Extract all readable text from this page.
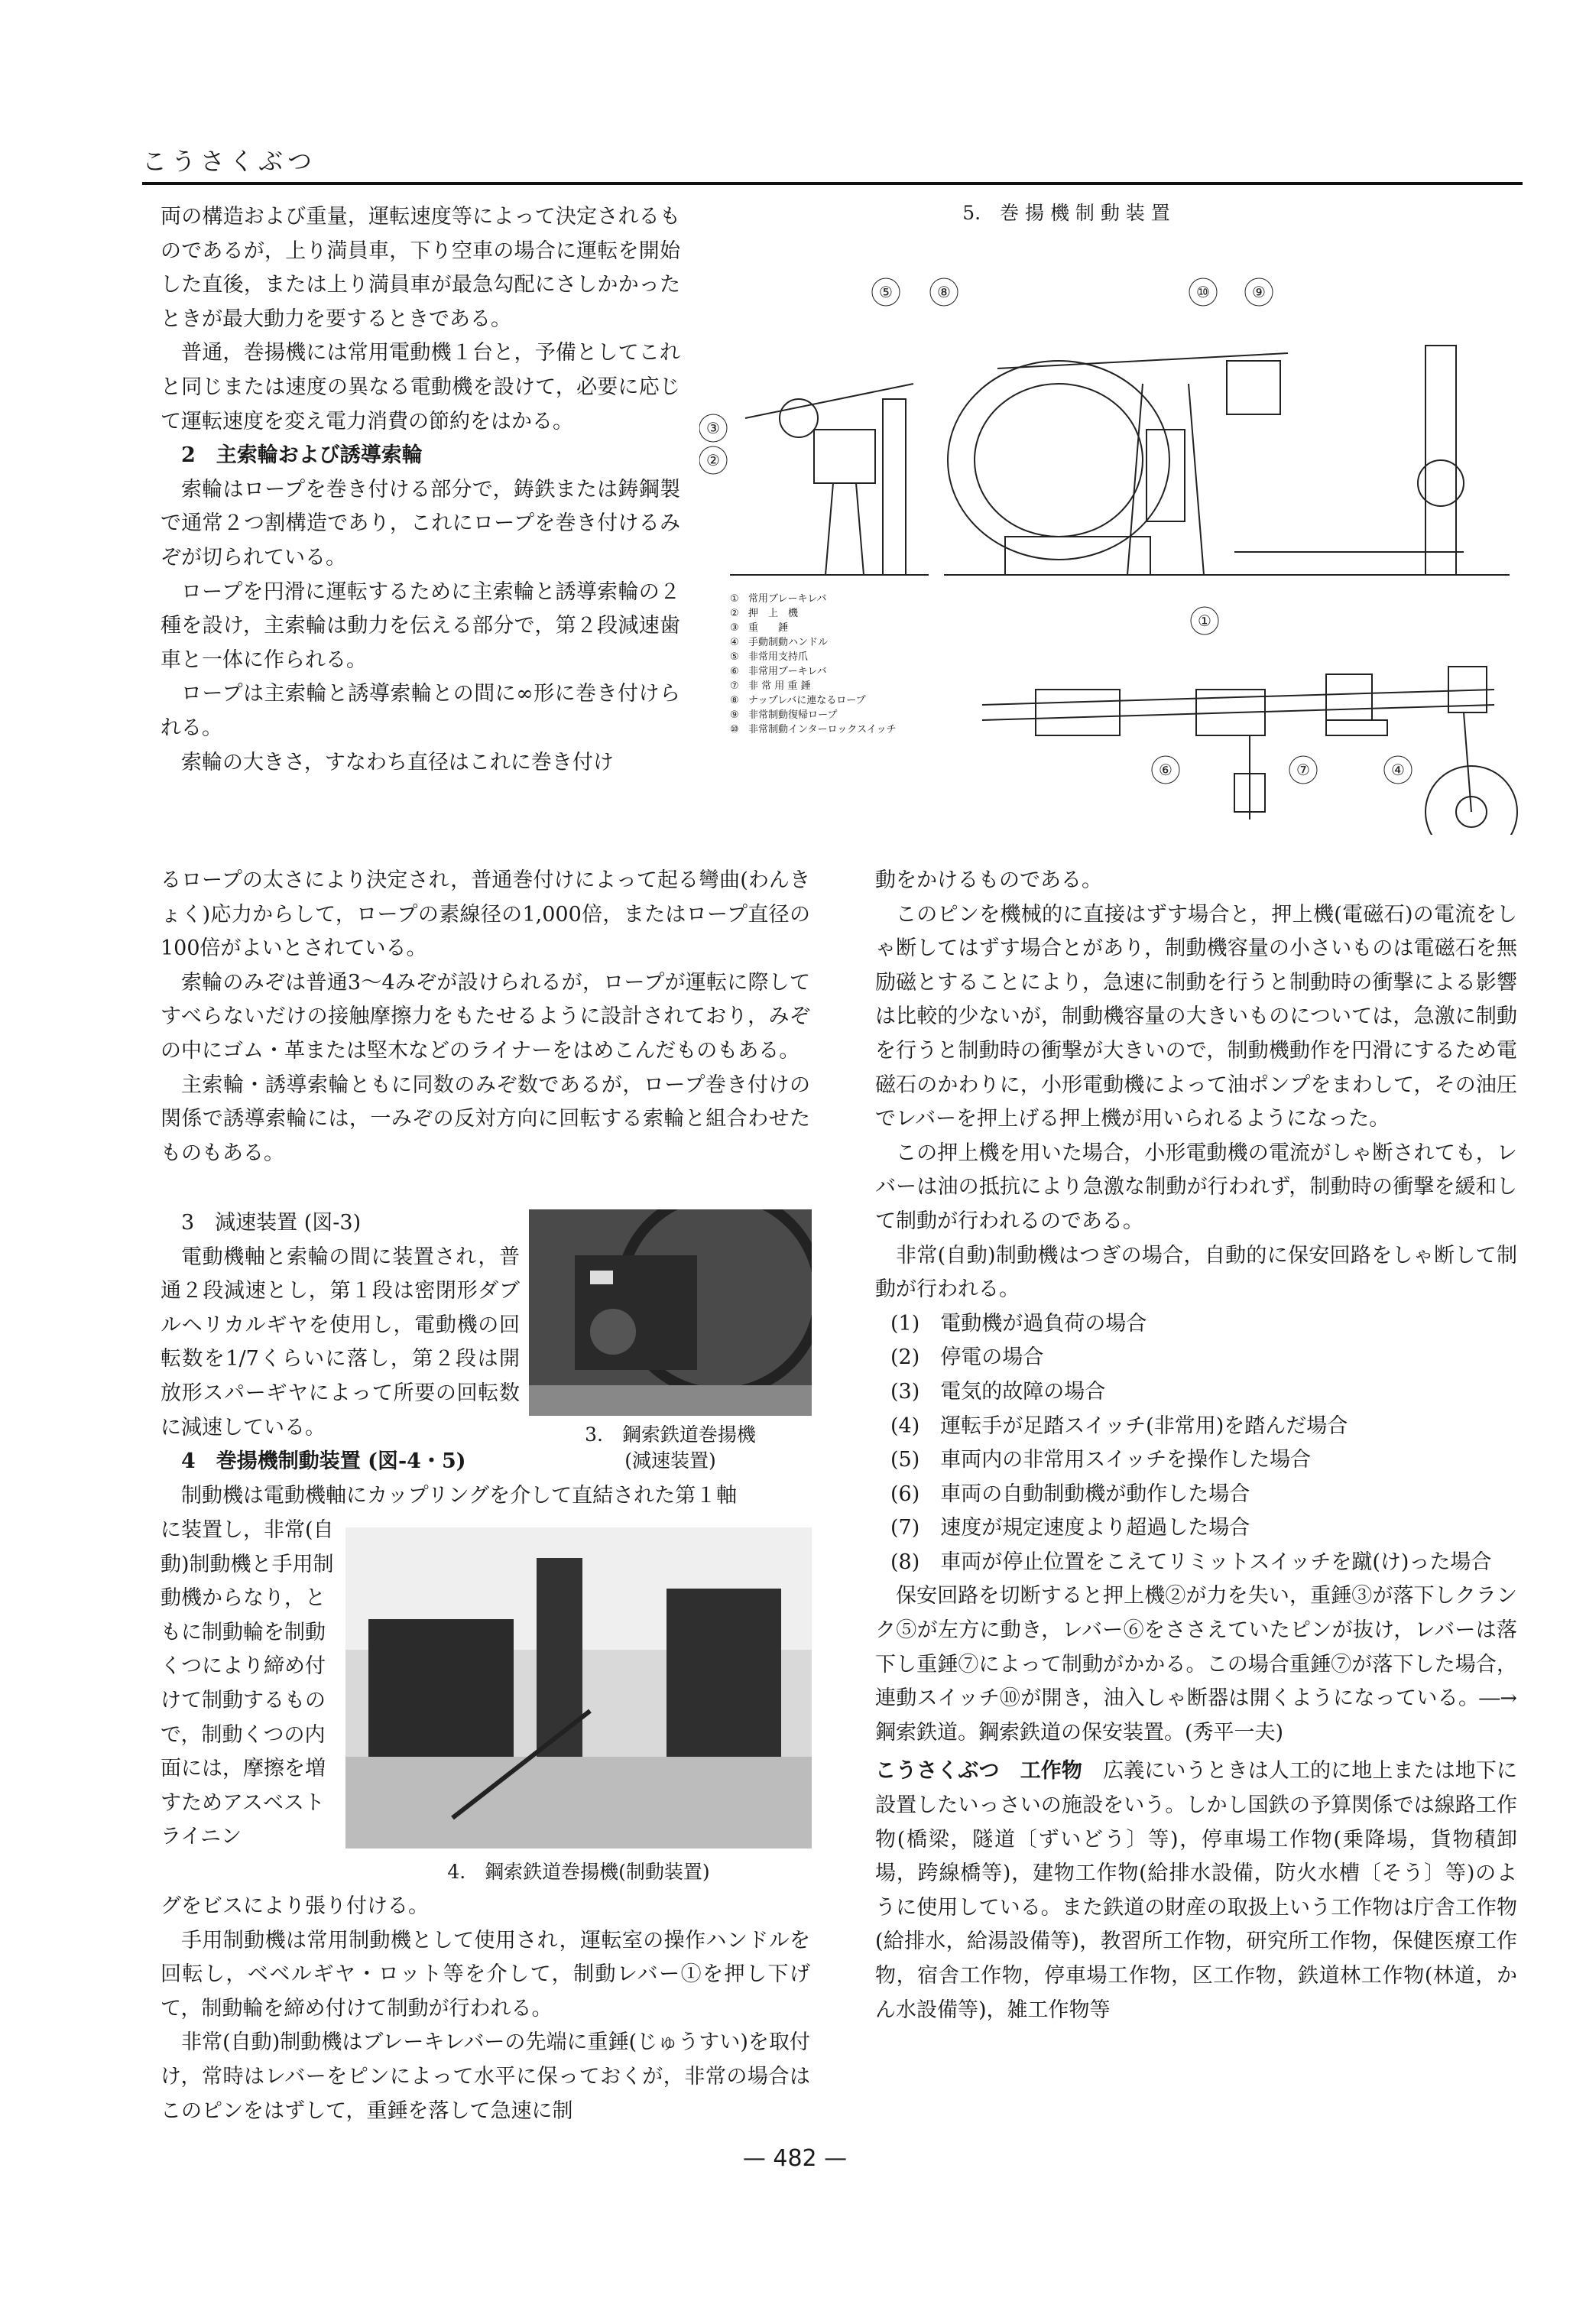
こうさくぶつ

両の構造および重量，運転速度等によって決定されるものであるが，上り満員車，下り空車の場合に運転を開始した直後，または上り満員車が最急勾配にさしかかったときが最大動力を要するときである。

普通，巻揚機には常用電動機１台と，予備としてこれと同じまたは速度の異なる電動機を設けて，必要に応じて運転速度を変え電力消費の節約をはかる。

2　主索輪および誘導索輪

索輪はロープを巻き付ける部分で，鋳鉄または鋳鋼製で通常２つ割構造であり，これにロープを巻き付けるみぞが切られている。

ロープを円滑に運転するために主索輪と誘導索輪の２種を設け，主索輪は動力を伝える部分で，第２段減速歯車と一体に作られる。

ロープは主索輪と誘導索輪との間に∞形に巻き付けられる。

索輪の大きさ，すなわち直径はこれに巻き付け

5.　巻 揚 機 制 動 装 置
⑤	⑧
③
②
⑩	⑨
①
⑥	⑦	④
① 常用ブレーキレバ
② 押　上　機
③ 重　　錘
④ 手動制動ハンドル
⑤ 非常用支持爪
⑥ 非常用ブーキレバ
⑦ 非 常 用 重 錘
⑧ ナップレバに連なるロープ
⑨ 非常制動復帰ロープ
⑩ 非常制動インターロックスイッチ

るロープの太さにより決定され，普通巻付けによって起る彎曲(わんきょく)応力からして，ロープの素線径の1,000倍，またはロープ直径の100倍がよいとされている。

索輪のみぞは普通3〜4みぞが設けられるが，ロープが運転に際してすべらないだけの接触摩擦力をもたせるように設計されており，みぞの中にゴム・革または堅木などのライナーをはめこんだものもある。

主索輪・誘導索輪ともに同数のみぞ数であるが，ロープ巻き付けの関係で誘導索輪には，一みぞの反対方向に回転する索輪と組合わせたものもある。

3　減速装置 (図-3)

電動機軸と索輪の間に装置され，普通２段減速とし，第１段は密閉形ダブルヘリカルギヤを使用し，電動機の回転数を1/7くらいに落し，第２段は開放形スパーギヤによって所要の回転数に減速している。	3.　鋼索鉄道巻揚機
(減速装置)

4　巻揚機制動装置 (図-4・5)

制動機は電動機軸にカップリングを介して直結された第１軸

に装置し，非常(自動)制動機と手用制動機からなり，ともに制動輪を制動くつにより締め付けて制動するもので，制動くつの内面には，摩擦を増すためアスベストライニン

4.　鋼索鉄道巻揚機(制動装置)

グをビスにより張り付ける。

手用制動機は常用制動機として使用され，運転室の操作ハンドルを回転し，ベベルギヤ・ロット等を介して，制動レバー①を押し下げて，制動輪を締め付けて制動が行われる。

非常(自動)制動機はブレーキレバーの先端に重錘(じゅうすい)を取付け，常時はレバーをピンによって水平に保っておくが，非常の場合はこのピンをはずして，重錘を落して急速に制

動をかけるものである。

このピンを機械的に直接はずす場合と，押上機(電磁石)の電流をしゃ断してはずす場合とがあり，制動機容量の小さいものは電磁石を無励磁とすることにより，急速に制動を行うと制動時の衝撃による影響は比較的少ないが，制動機容量の大きいものについては，急激に制動を行うと制動時の衝撃が大きいので，制動機動作を円滑にするため電磁石のかわりに，小形電動機によって油ポンプをまわして，その油圧でレバーを押上げる押上機が用いられるようになった。

この押上機を用いた場合，小形電動機の電流がしゃ断されても，レバーは油の抵抗により急激な制動が行われず，制動時の衝撃を緩和して制動が行われるのである。

非常(自動)制動機はつぎの場合，自動的に保安回路をしゃ断して制動が行われる。

(1)　電動機が過負荷の場合

(2)　停電の場合

(3)　電気的故障の場合

(4)　運転手が足踏スイッチ(非常用)を踏んだ場合

(5)　車両内の非常用スイッチを操作した場合

(6)　車両の自動制動機が動作した場合

(7)　速度が規定速度より超過した場合

(8)　車両が停止位置をこえてリミットスイッチを蹴(け)った場合

保安回路を切断すると押上機②が力を失い，重錘③が落下しクランク⑤が左方に動き，レバー⑥をささえていたピンが抜け，レバーは落下し重錘⑦によって制動がかかる。この場合重錘⑦が落下した場合，連動スイッチ⑩が開き，油入しゃ断器は開くようになっている。―→鋼索鉄道。鋼索鉄道の保安装置。(秀平一夫)

こうさくぶつ　工作物　 広義にいうときは人工的に地上または地下に設置したいっさいの施設をいう。しかし国鉄の予算関係では線路工作物(橋梁，隧道〔ずいどう〕等)，停車場工作物(乗降場，貨物積卸場，跨線橋等)，建物工作物(給排水設備，防火水槽〔そう〕等)のように使用している。また鉄道の財産の取扱上いう工作物は庁舎工作物(給排水，給湯設備等)，教習所工作物，研究所工作物，保健医療工作物，宿舎工作物，停車場工作物，区工作物，鉄道林工作物(林道，かん水設備等)，雑工作物等

— 482 —
